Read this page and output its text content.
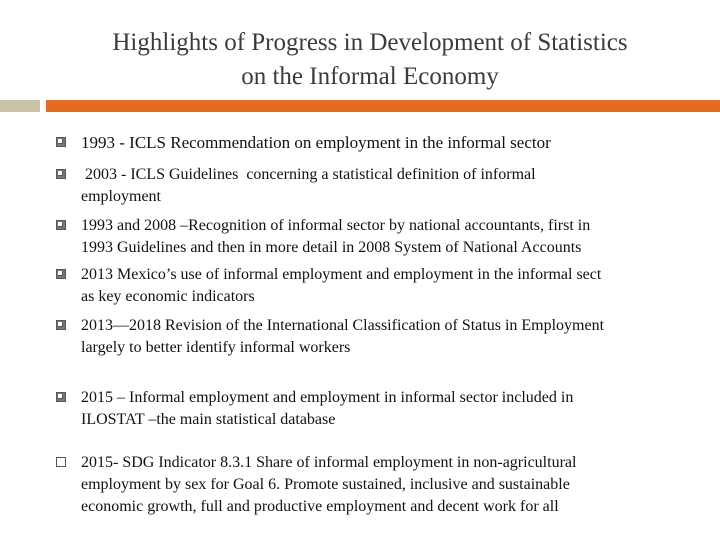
Highlights of Progress in Development of Statistics
on the Informal Economy
1993 - ICLS Recommendation on employment in the informal sector
2003 - ICLS Guidelines  concerning a statistical definition of informal
employment
1993 and 2008 –Recognition of informal sector by national accountants, first in
1993 Guidelines and then in more detail in 2008 System of National Accounts
2013 Mexico’s use of informal employment and employment in the informal sect
as key economic indicators
2013—2018 Revision of the International Classification of Status in Employment
largely to better identify informal workers
2015 – Informal employment and employment in informal sector included in
ILOSTAT –the main statistical database
2015- SDG Indicator 8.3.1 Share of informal employment in non-agricultural
employment by sex for Goal 6. Promote sustained, inclusive and sustainable
economic growth, full and productive employment and decent work for all
